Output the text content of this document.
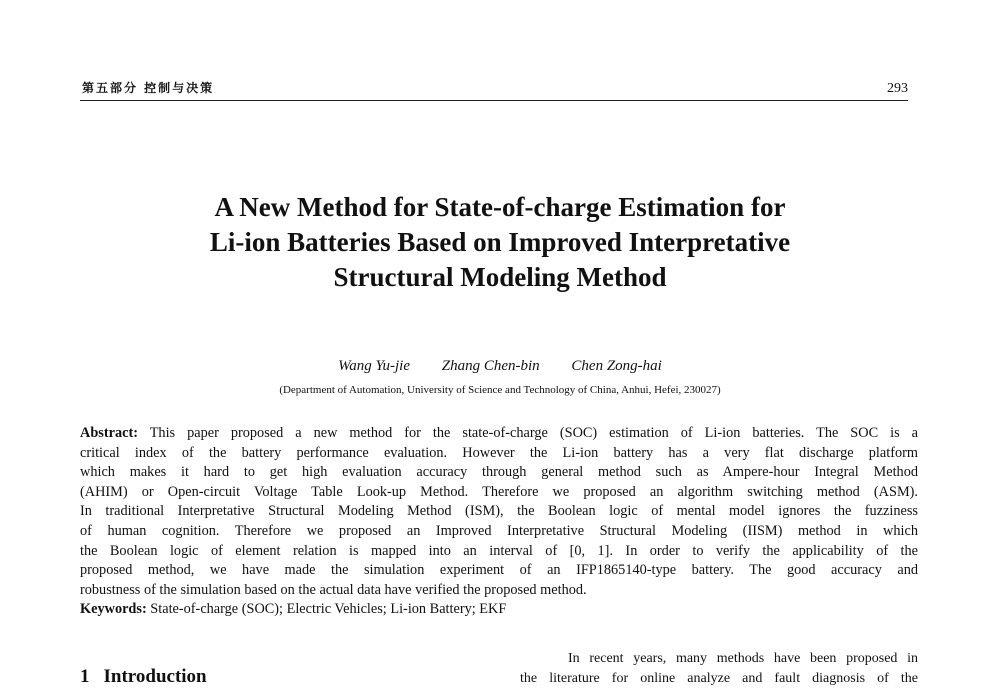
第五部分 控制与决策	293
A New Method for State-of-charge Estimation for
Li-ion Batteries Based on Improved Interpretative
Structural Modeling Method
Wang Yu-jie Zhang Chen-bin Chen Zong-hai
(Department of Automation, University of Science and Technology of China, Anhui, Hefei, 230027)
Abstract: This paper proposed a new method for the state-of-charge (SOC) estimation of Li-ion batteries. The SOC is a
critical index of the battery performance evaluation. However the Li-ion battery has a very flat discharge platform
which makes it hard to get high evaluation accuracy through general method such as Ampere-hour Integral Method
(AHIM) or Open-circuit Voltage Table Look-up Method. Therefore we proposed an algorithm switching method (ASM).
In traditional Interpretative Structural Modeling Method (ISM), the Boolean logic of mental model ignores the fuzziness
of human cognition. Therefore we proposed an Improved Interpretative Structural Modeling (IISM) method in which
the Boolean logic of element relation is mapped into an interval of [0, 1]. In order to verify the applicability of the
proposed method, we have made the simulation experiment of an IFP1865140-type battery. The good accuracy and
robustness of the simulation based on the actual data have verified the proposed method.
Keywords: State-of-charge (SOC); Electric Vehicles; Li-ion Battery; EKF
1 Introduction
In recent years, many methods have been proposed in
the literature for online analyze and fault diagnosis of the
